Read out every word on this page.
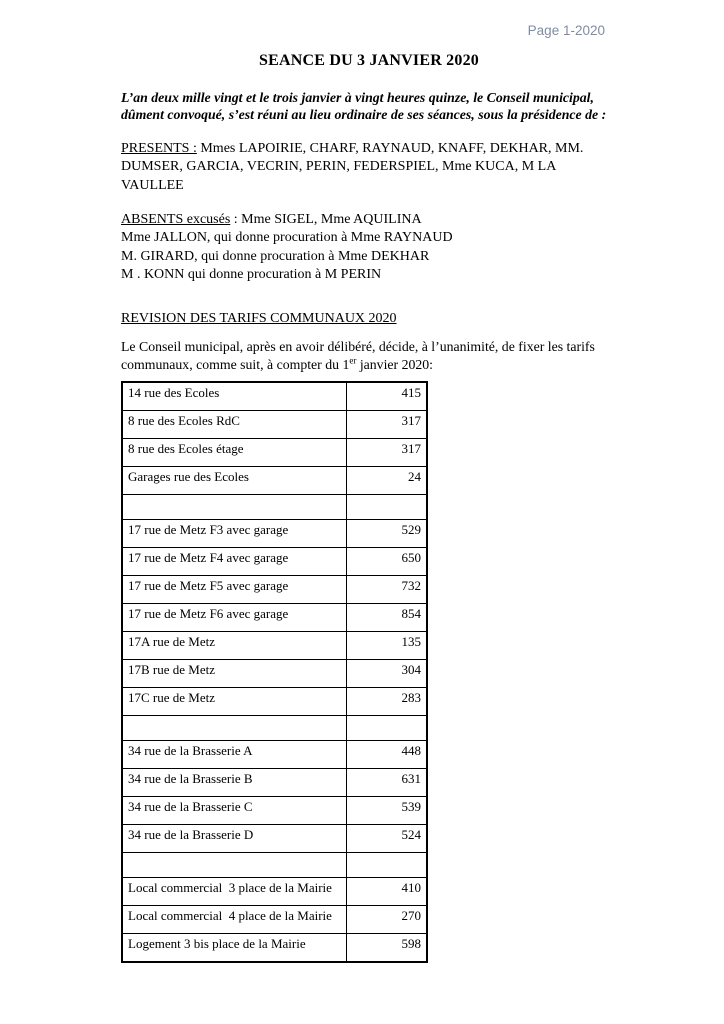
Page 1-2020
SEANCE DU 3 JANVIER 2020

L’an deux mille vingt et le trois janvier à vingt heures quinze, le Conseil municipal, dûment convoqué, s’est réuni au lieu ordinaire de ses séances, sous la présidence de :

PRESENTS : Mmes LAPOIRIE, CHARF, RAYNAUD, KNAFF, DEKHAR, MM. DUMSER, GARCIA, VECRIN, PERIN, FEDERSPIEL, Mme KUCA, M LA VAULLEE

ABSENTS excusés : Mme SIGEL, Mme AQUILINA
Mme JALLON, qui donne procuration à Mme RAYNAUD
M. GIRARD, qui donne procuration à Mme DEKHAR
M . KONN qui donne procuration à M PERIN

REVISION DES TARIFS COMMUNAUX 2020

Le Conseil municipal, après en avoir délibéré, décide, à l’unanimité, de fixer les tarifs communaux, comme suit, à compter du 1er janvier 2020:

14 rue des Ecoles	415
8 rue des Ecoles RdC	317
8 rue des Ecoles étage	317
Garages rue des Ecoles	24

17 rue de Metz F3 avec garage	529
17 rue de Metz F4 avec garage	650
17 rue de Metz F5 avec garage	732
17 rue de Metz F6 avec garage	854
17A rue de Metz	135
17B rue de Metz	304
17C rue de Metz	283

34 rue de la Brasserie A	448
34 rue de la Brasserie B	631
34 rue de la Brasserie C	539
34 rue de la Brasserie D	524

Local commercial  3 place de la Mairie	410
Local commercial  4 place de la Mairie	270
Logement 3 bis place de la Mairie	598
